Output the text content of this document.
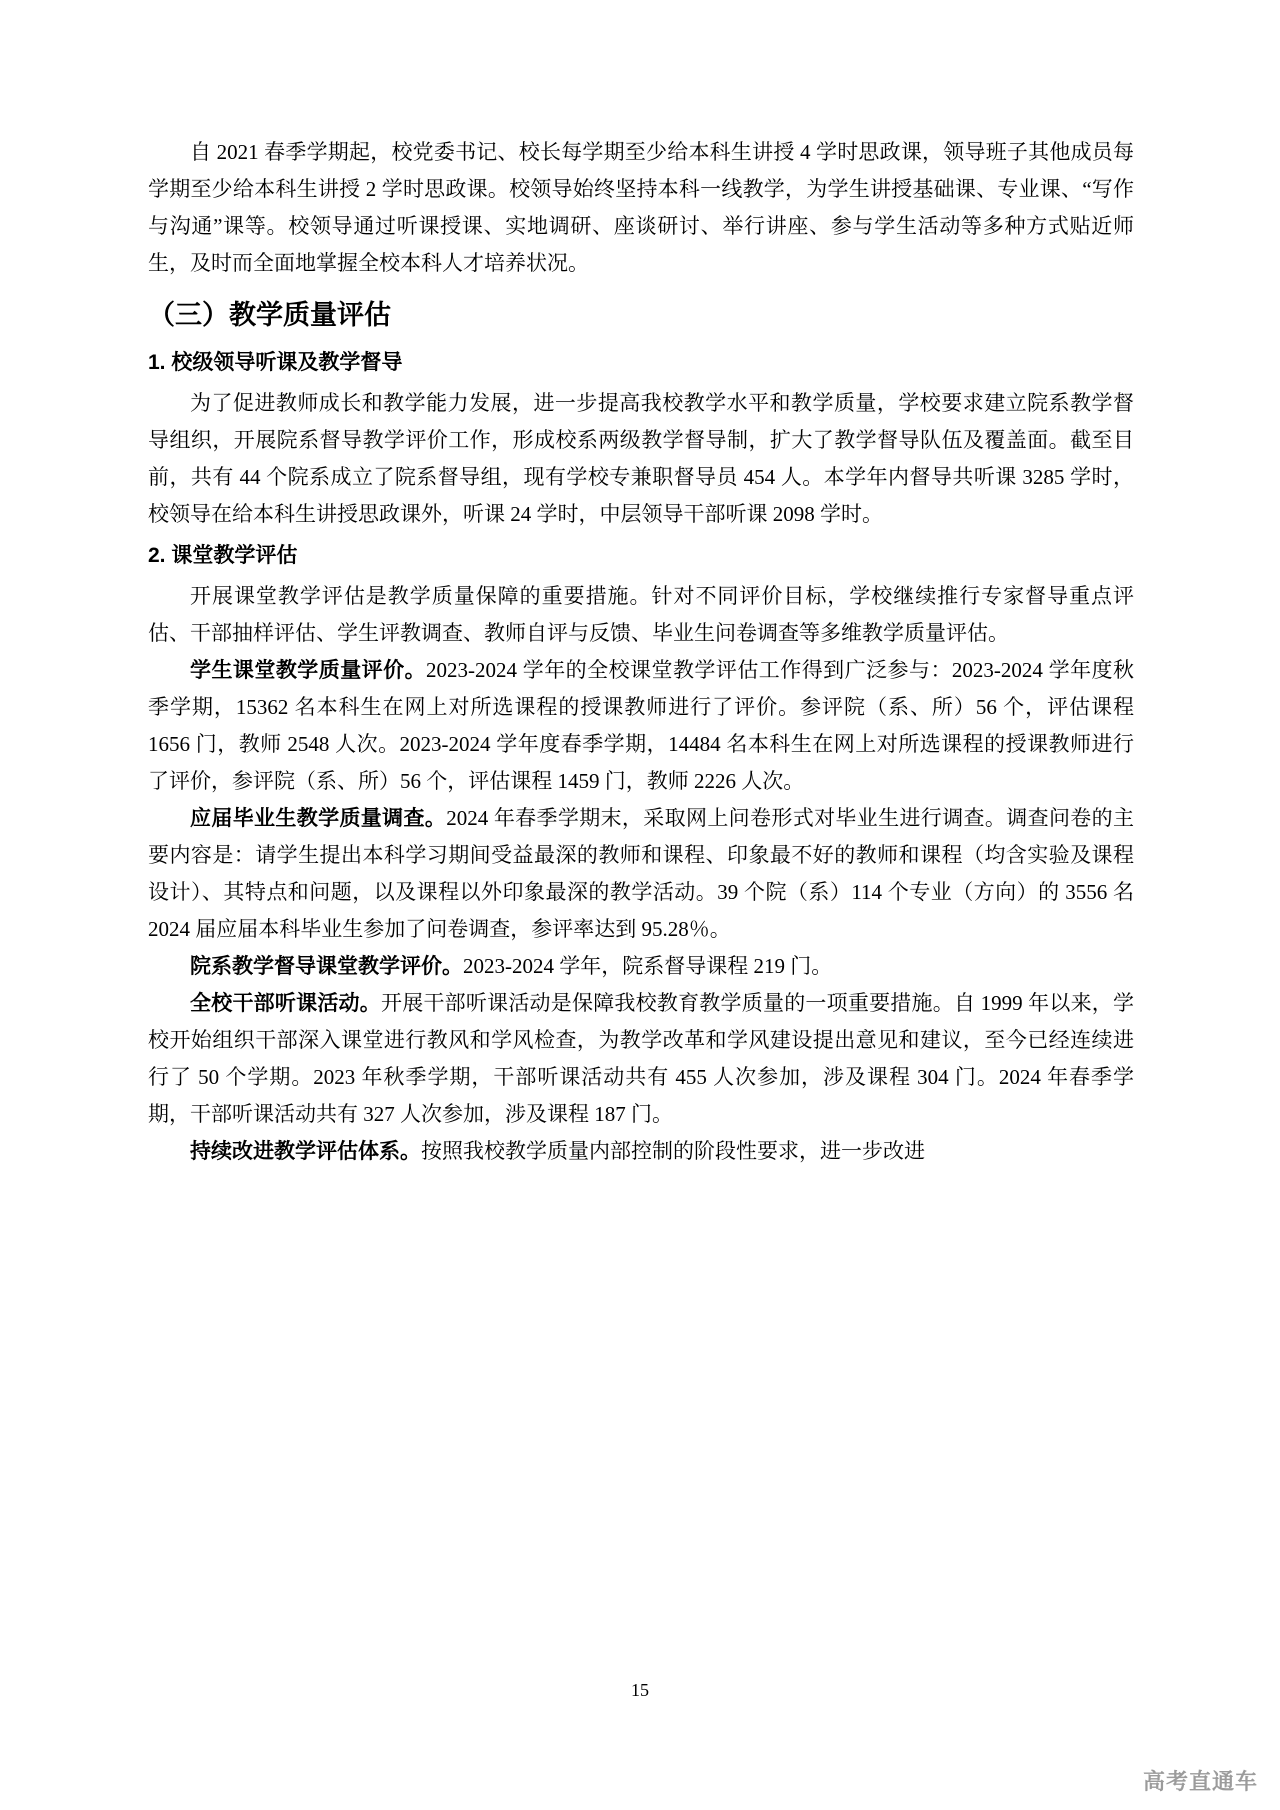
自 2021 春季学期起，校党委书记、校长每学期至少给本科生讲授 4 学时思政课，领导班子其他成员每学期至少给本科生讲授 2 学时思政课。校领导始终坚持本科一线教学，为学生讲授基础课、专业课、“写作与沟通”课等。校领导通过听课授课、实地调研、座谈研讨、举行讲座、参与学生活动等多种方式贴近师生，及时而全面地掌握全校本科人才培养状况。

（三）教学质量评估
1. 校级领导听课及教学督导

为了促进教师成长和教学能力发展，进一步提高我校教学水平和教学质量，学校要求建立院系教学督导组织，开展院系督导教学评价工作，形成校系两级教学督导制，扩大了教学督导队伍及覆盖面。截至目前，共有 44 个院系成立了院系督导组，现有学校专兼职督导员 454 人。本学年内督导共听课 3285 学时，校领导在给本科生讲授思政课外，听课 24 学时，中层领导干部听课 2098 学时。

2. 课堂教学评估

开展课堂教学评估是教学质量保障的重要措施。针对不同评价目标，学校继续推行专家督导重点评估、干部抽样评估、学生评教调查、教师自评与反馈、毕业生问卷调查等多维教学质量评估。

学生课堂教学质量评价。2023-2024 学年的全校课堂教学评估工作得到广泛参与：2023-2024 学年度秋季学期，15362 名本科生在网上对所选课程的授课教师进行了评价。参评院（系、所）56 个，评估课程 1656 门，教师 2548 人次。2023-2024 学年度春季学期，14484 名本科生在网上对所选课程的授课教师进行了评价，参评院（系、所）56 个，评估课程 1459 门，教师 2226 人次。

应届毕业生教学质量调查。2024 年春季学期末，采取网上问卷形式对毕业生进行调查。调查问卷的主要内容是：请学生提出本科学习期间受益最深的教师和课程、印象最不好的教师和课程（均含实验及课程设计）、其特点和问题，以及课程以外印象最深的教学活动。39 个院（系）114 个专业（方向）的 3556 名 2024 届应届本科毕业生参加了问卷调查，参评率达到 95.28％。

院系教学督导课堂教学评价。2023-2024 学年，院系督导课程 219 门。

全校干部听课活动。开展干部听课活动是保障我校教育教学质量的一项重要措施。自 1999 年以来，学校开始组织干部深入课堂进行教风和学风检查，为教学改革和学风建设提出意见和建议，至今已经连续进行了 50 个学期。2023 年秋季学期，干部听课活动共有 455 人次参加，涉及课程 304 门。2024 年春季学期，干部听课活动共有 327 人次参加，涉及课程 187 门。

持续改进教学评估体系。按照我校教学质量内部控制的阶段性要求，进一步改进

15
高考直通车
